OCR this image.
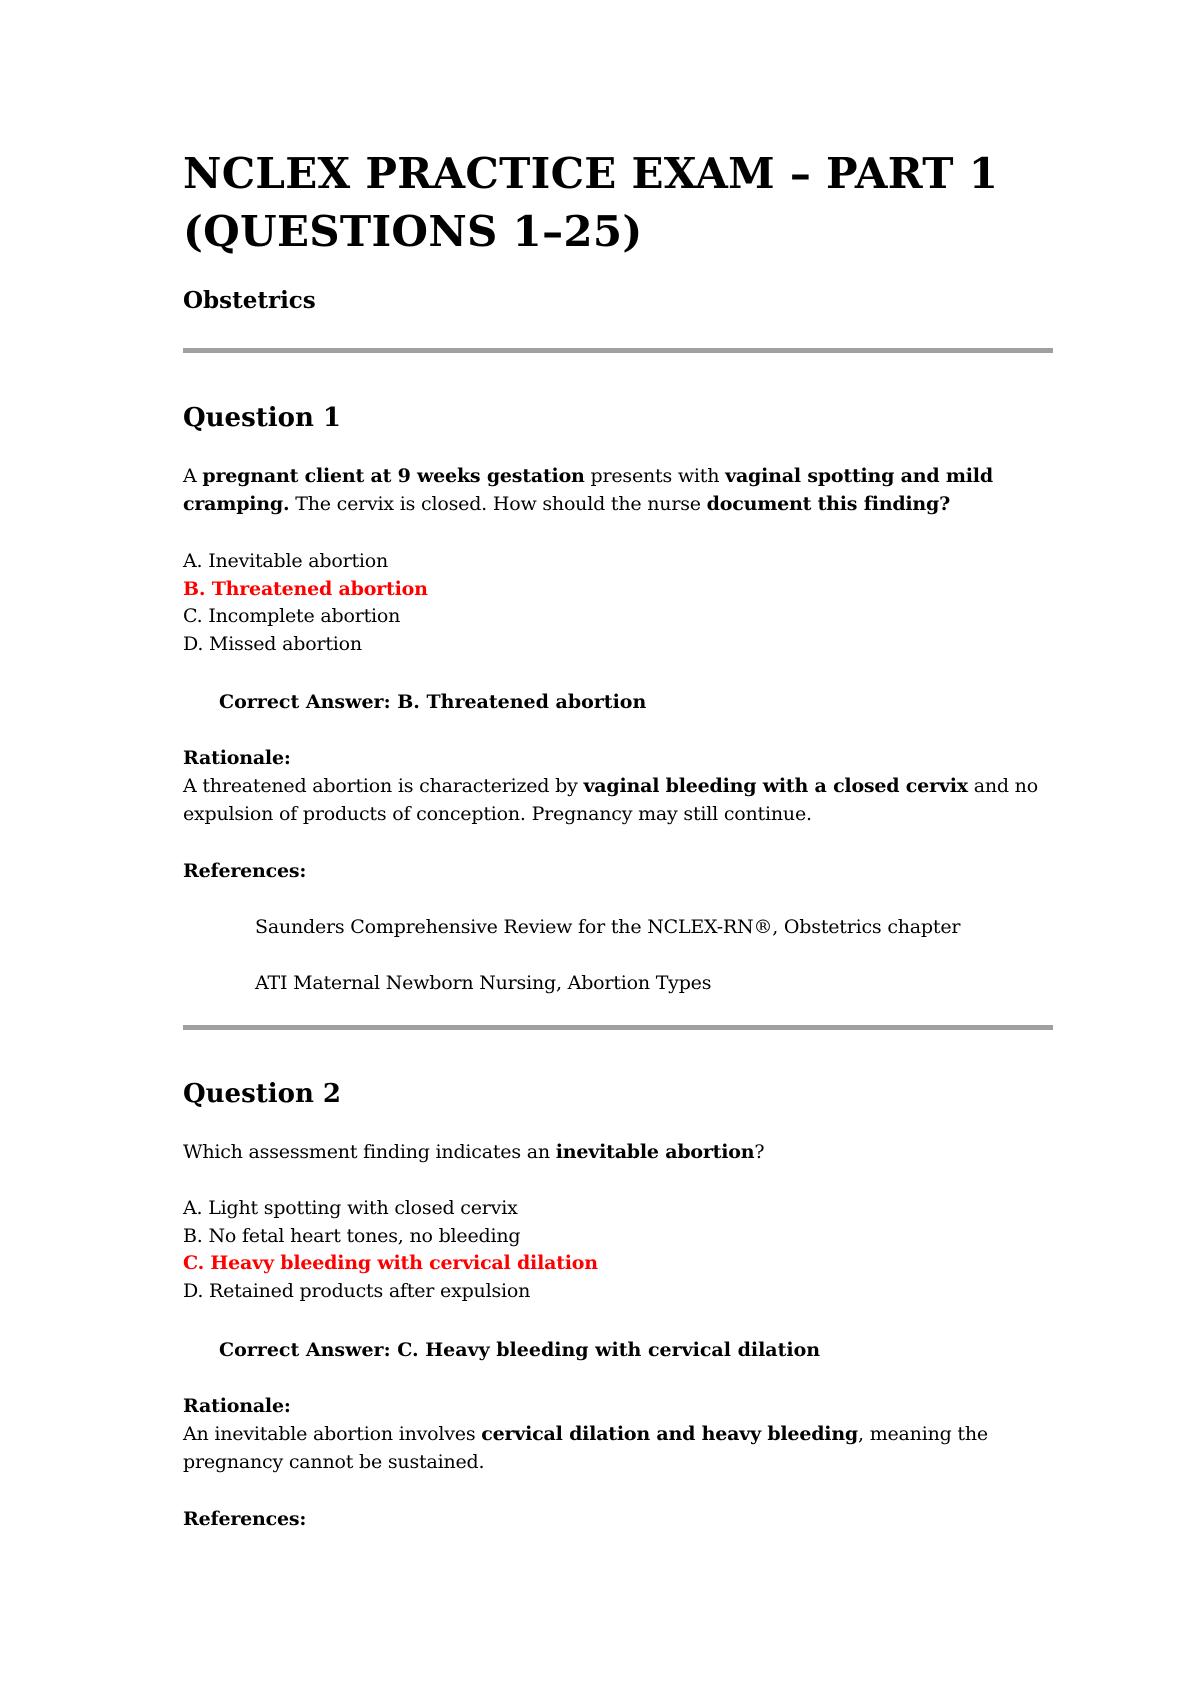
NCLEX PRACTICE EXAM – PART 1 (QUESTIONS 1–25)
Obstetrics
Question 1

A pregnant client at 9 weeks gestation presents with vaginal spotting and mild cramping. The cervix is closed. How should the nurse document this finding?

A. Inevitable abortion
B. Threatened abortion
C. Incomplete abortion
D. Missed abortion
Correct Answer: B. Threatened abortion

Rationale:

A threatened abortion is characterized by vaginal bleeding with a closed cervix and no expulsion of products of conception. Pregnancy may still continue.

References:

Saunders Comprehensive Review for the NCLEX-RN®, Obstetrics chapter
ATI Maternal Newborn Nursing, Abortion Types
Question 2

Which assessment finding indicates an inevitable abortion?

A. Light spotting with closed cervix
B. No fetal heart tones, no bleeding
C. Heavy bleeding with cervical dilation
D. Retained products after expulsion
Correct Answer: C. Heavy bleeding with cervical dilation

Rationale:

An inevitable abortion involves cervical dilation and heavy bleeding, meaning the pregnancy cannot be sustained.

References:
